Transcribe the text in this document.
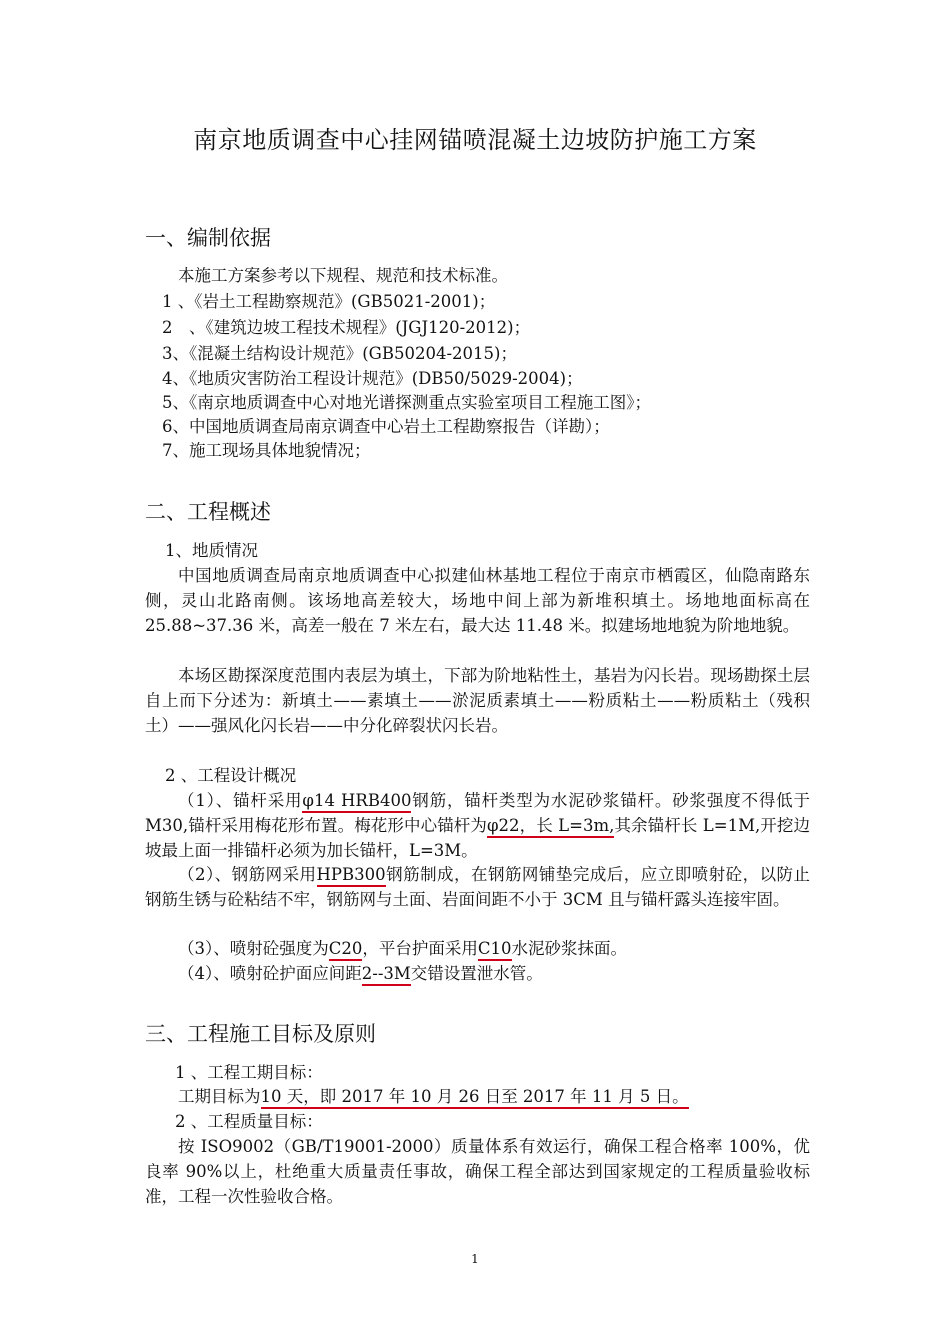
南京地质调查中心挂网锚喷混凝土边坡防护施工方案
一、编制依据
本施工方案参考以下规程、规范和技术标准。
1 、《岩土工程勘察规范》(GB5021-2001)；
2　、《建筑边坡工程技术规程》(JGJ120-2012)；
3、《混凝土结构设计规范》(GB50204-2015)；
4、《地质灾害防治工程设计规范》(DB50/5029-2004)；
5、《南京地质调查中心对地光谱探测重点实验室项目工程施工图》；
6、中国地质调查局南京调查中心岩土工程勘察报告（详勘）；
7、施工现场具体地貌情况；
二、工程概述
1、地质情况
中国地质调查局南京地质调查中心拟建仙林基地工程位于南京市栖霞区，仙隐南路东侧，灵山北路南侧。该场地高差较大，场地中间上部为新堆积填土。场地地面标高在 25.88~37.36 米，高差一般在 7 米左右，最大达 11.48 米。拟建场地地貌为阶地地貌。
本场区勘探深度范围内表层为填土，下部为阶地粘性土，基岩为闪长岩。现场勘探土层自上而下分述为：新填土——素填土——淤泥质素填土——粉质粘土——粉质粘土（残积土）——强风化闪长岩——中分化碎裂状闪长岩。
2 、工程设计概况
（1）、锚杆采用φ14 HRB400钢筋，锚杆类型为水泥砂浆锚杆。砂浆强度不得低于 M30,锚杆采用梅花形布置。梅花形中心锚杆为φ22，长 L=3m,其余锚杆长 L=1M,开挖边坡最上面一排锚杆必须为加长锚杆，L=3M。
（2）、钢筋网采用HPB300钢筋制成，在钢筋网铺垫完成后，应立即喷射砼，以防止钢筋生锈与砼粘结不牢，钢筋网与土面、岩面间距不小于 3CM 且与锚杆露头连接牢固。
（3）、喷射砼强度为C20，平台护面采用C10水泥砂浆抹面。
（4）、喷射砼护面应间距2--3M交错设置泄水管。
三、工程施工目标及原则
1 、工程工期目标：
工期目标为10 天，即 2017 年 10 月 26 日至 2017 年 11 月 5 日。
2 、工程质量目标：
按 ISO9002（GB/T19001-2000）质量体系有效运行，确保工程合格率 100%，优良率 90%以上，杜绝重大质量责任事故，确保工程全部达到国家规定的工程质量验收标准，工程一次性验收合格。
1
